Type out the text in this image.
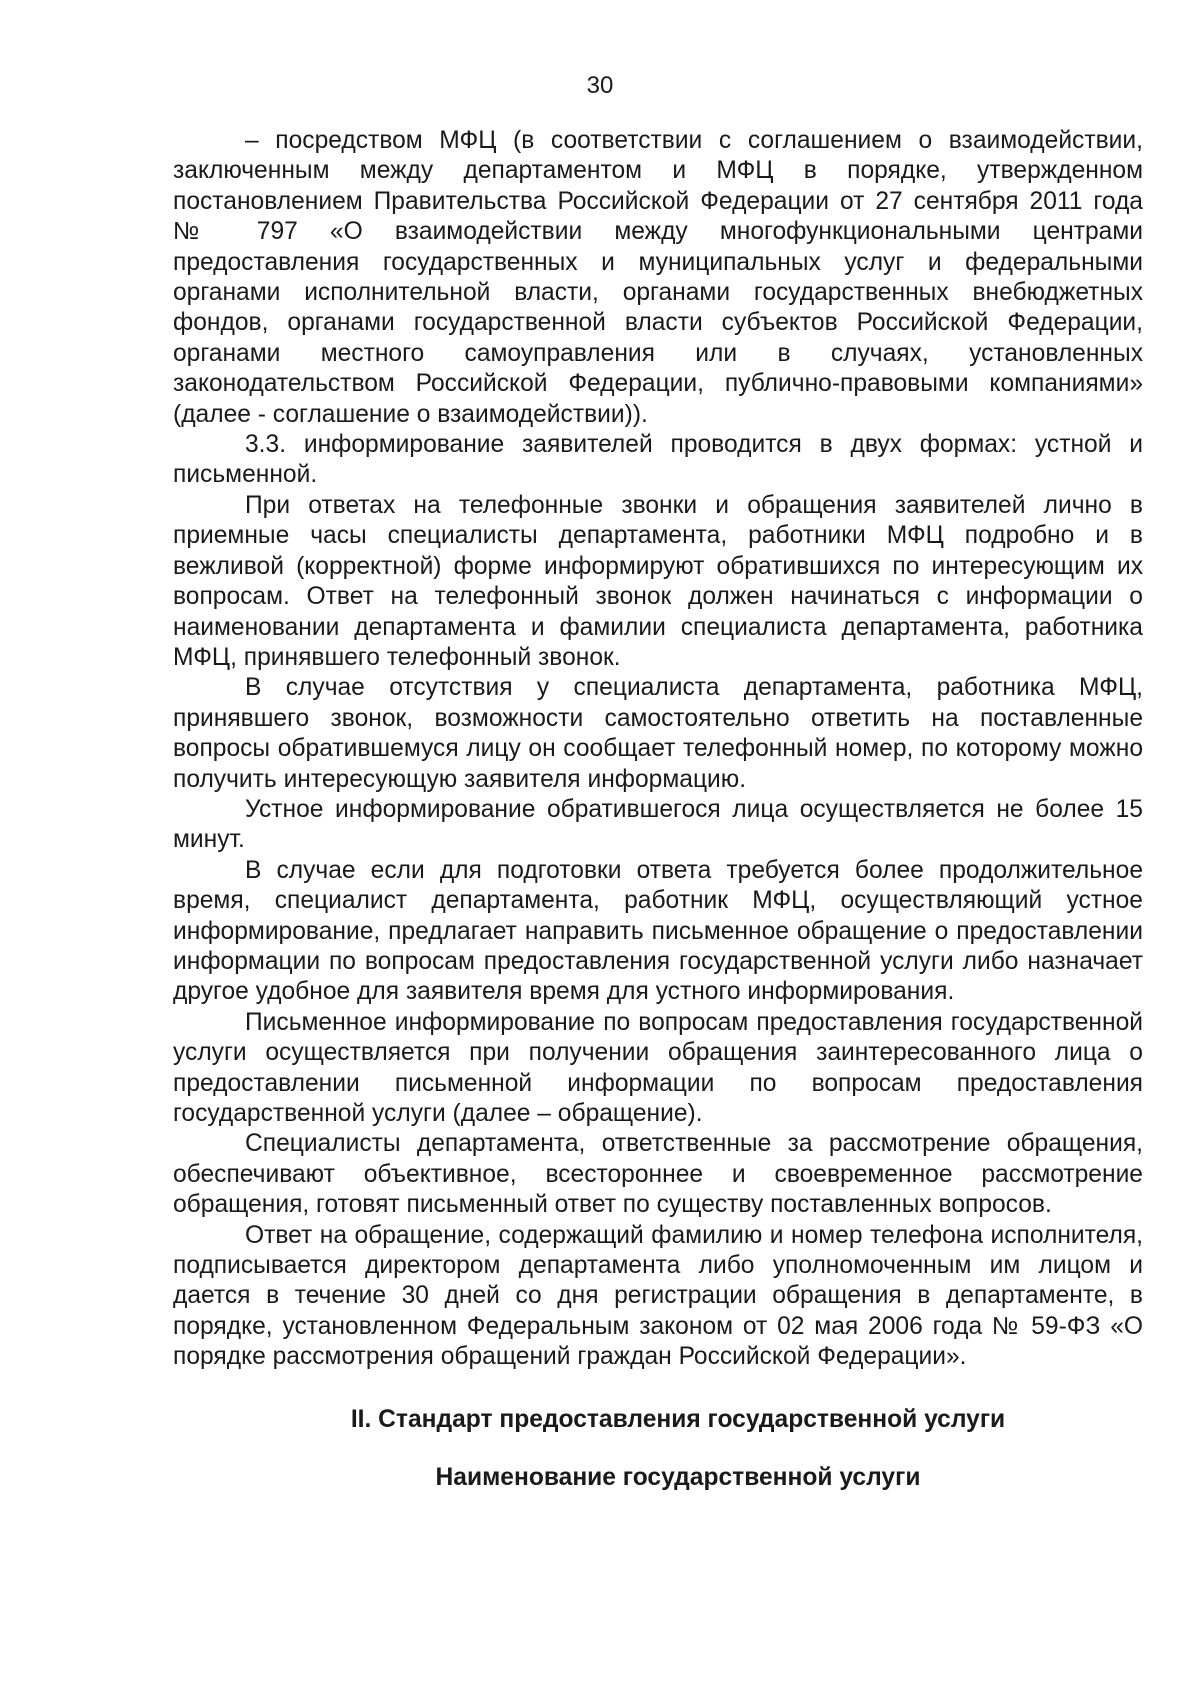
30

– посредством МФЦ (в соответствии с соглашением о взаимодействии, заключенным между департаментом и МФЦ в порядке, утвержденном постановлением Правительства Российской Федерации от 27 сентября 2011 года № 797 «О взаимодействии между многофункциональными центрами предоставления государственных и муниципальных услуг и федеральными органами исполнительной власти, органами государственных внебюджетных фондов, органами государственной власти субъектов Российской Федерации, органами местного самоуправления или в случаях, установленных законодательством Российской Федерации, публично-правовыми компаниями» (далее - соглашение о взаимодействии)).

3.3. информирование заявителей проводится в двух формах: устной и письменной.

При ответах на телефонные звонки и обращения заявителей лично в приемные часы специалисты департамента, работники МФЦ подробно и в вежливой (корректной) форме информируют обратившихся по интересующим их вопросам. Ответ на телефонный звонок должен начинаться с информации о наименовании департамента и фамилии специалиста департамента, работника МФЦ, принявшего телефонный звонок.

В случае отсутствия у специалиста департамента, работника МФЦ, принявшего звонок, возможности самостоятельно ответить на поставленные вопросы обратившемуся лицу он сообщает телефонный номер, по которому можно получить интересующую заявителя информацию.

Устное информирование обратившегося лица осуществляется не более 15 минут.

В случае если для подготовки ответа требуется более продолжительное время, специалист департамента, работник МФЦ, осуществляющий устное информирование, предлагает направить письменное обращение о предоставлении информации по вопросам предоставления государственной услуги либо назначает другое удобное для заявителя время для устного информирования.

Письменное информирование по вопросам предоставления государственной услуги осуществляется при получении обращения заинтересованного лица о предоставлении письменной информации по вопросам предоставления государственной услуги (далее – обращение).

Специалисты департамента, ответственные за рассмотрение обращения, обеспечивают объективное, всестороннее и своевременное рассмотрение обращения, готовят письменный ответ по существу поставленных вопросов.

Ответ на обращение, содержащий фамилию и номер телефона исполнителя, подписывается директором департамента либо уполномоченным им лицом и дается в течение 30 дней со дня регистрации обращения в департаменте, в порядке, установленном Федеральным законом от 02 мая 2006 года № 59-ФЗ «О порядке рассмотрения обращений граждан Российской Федерации».

II. Стандарт предоставления государственной услуги

Наименование государственной услуги
